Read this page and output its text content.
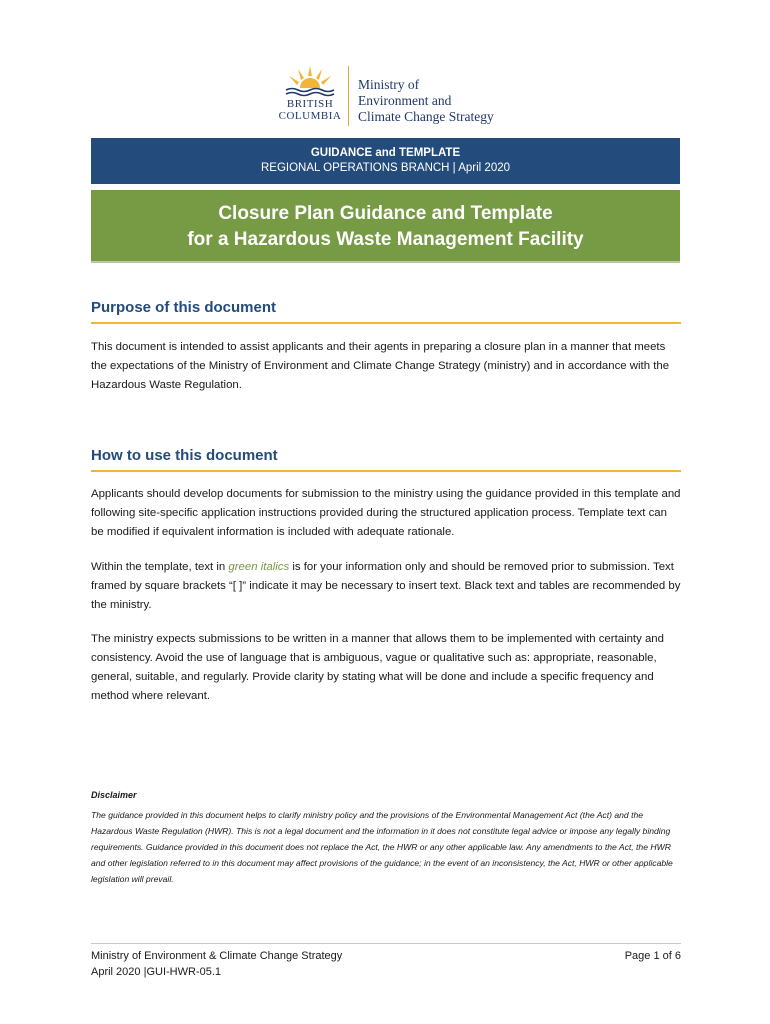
BRITISH
COLUMBIA
Ministry of
Environment and
Climate Change Strategy
GUIDANCE and TEMPLATE
REGIONAL OPERATIONS BRANCH | April 2020
Closure Plan Guidance and Template
for a Hazardous Waste Management Facility
Purpose of this document
This document is intended to assist applicants and their agents in preparing a closure plan in a manner that meets the expectations of the Ministry of Environment and Climate Change Strategy (ministry) and in accordance with the Hazardous Waste Regulation.
How to use this document
Applicants should develop documents for submission to the ministry using the guidance provided in this template and following site-specific application instructions provided during the structured application process. Template text can be modified if equivalent information is included with adequate rationale.
Within the template, text in green italics is for your information only and should be removed prior to submission. Text framed by square brackets “[ ]” indicate it may be necessary to insert text. Black text and tables are recommended by the ministry.
The ministry expects submissions to be written in a manner that allows them to be implemented with certainty and consistency. Avoid the use of language that is ambiguous, vague or qualitative such as: appropriate, reasonable, general, suitable, and regularly. Provide clarity by stating what will be done and include a specific frequency and method where relevant.
Disclaimer
The guidance provided in this document helps to clarify ministry policy and the provisions of the Environmental Management Act (the Act) and the Hazardous Waste Regulation (HWR). This is not a legal document and the information in it does not constitute legal advice or impose any legally binding requirements. Guidance provided in this document does not replace the Act, the HWR or any other applicable law. Any amendments to the Act, the HWR and other legislation referred to in this document may affect provisions of the guidance; in the event of an inconsistency, the Act, HWR or other applicable legislation will prevail.
Ministry of Environment & Climate Change Strategy
April 2020 |GUI-HWR-05.1
Page 1 of 6
